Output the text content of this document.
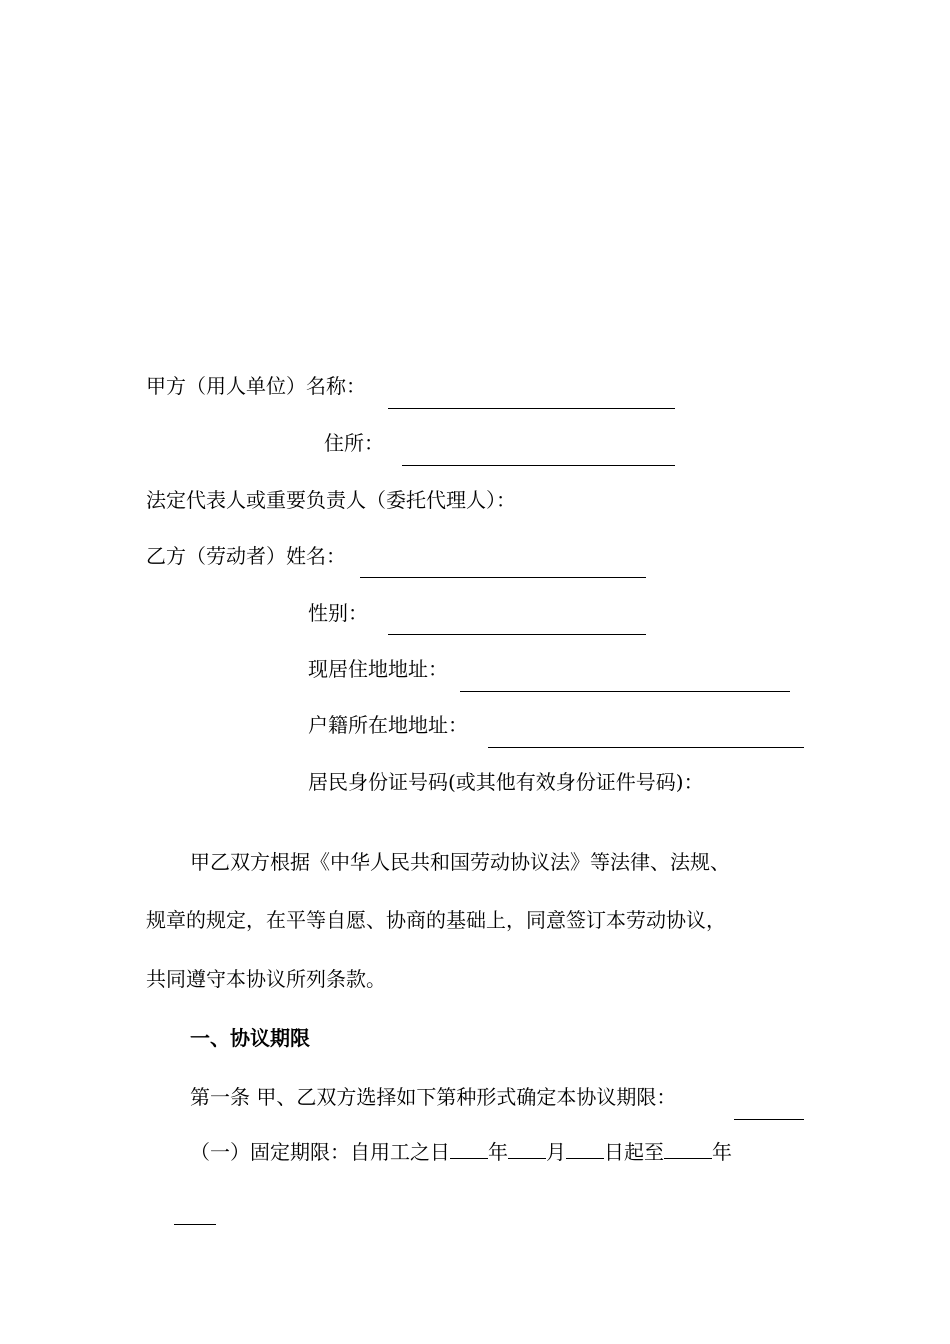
甲方（用人单位）名称：
住所：
法定代表人或重要负责人（委托代理人）：
乙方（劳动者）姓名：
性别：
现居住地地址：
户籍所在地地址：
居民身份证号码(或其他有效身份证件号码)：
甲乙双方根据《中华人民共和国劳动协议法》等法律、法规、
规章的规定，在平等自愿、协商的基础上，同意签订本劳动协议，
共同遵守本协议所列条款。
一、协议期限
第一条 甲、乙双方选择如下第种形式确定本协议期限：
（一）固定期限：自用工之日 年 月 日起至 年
